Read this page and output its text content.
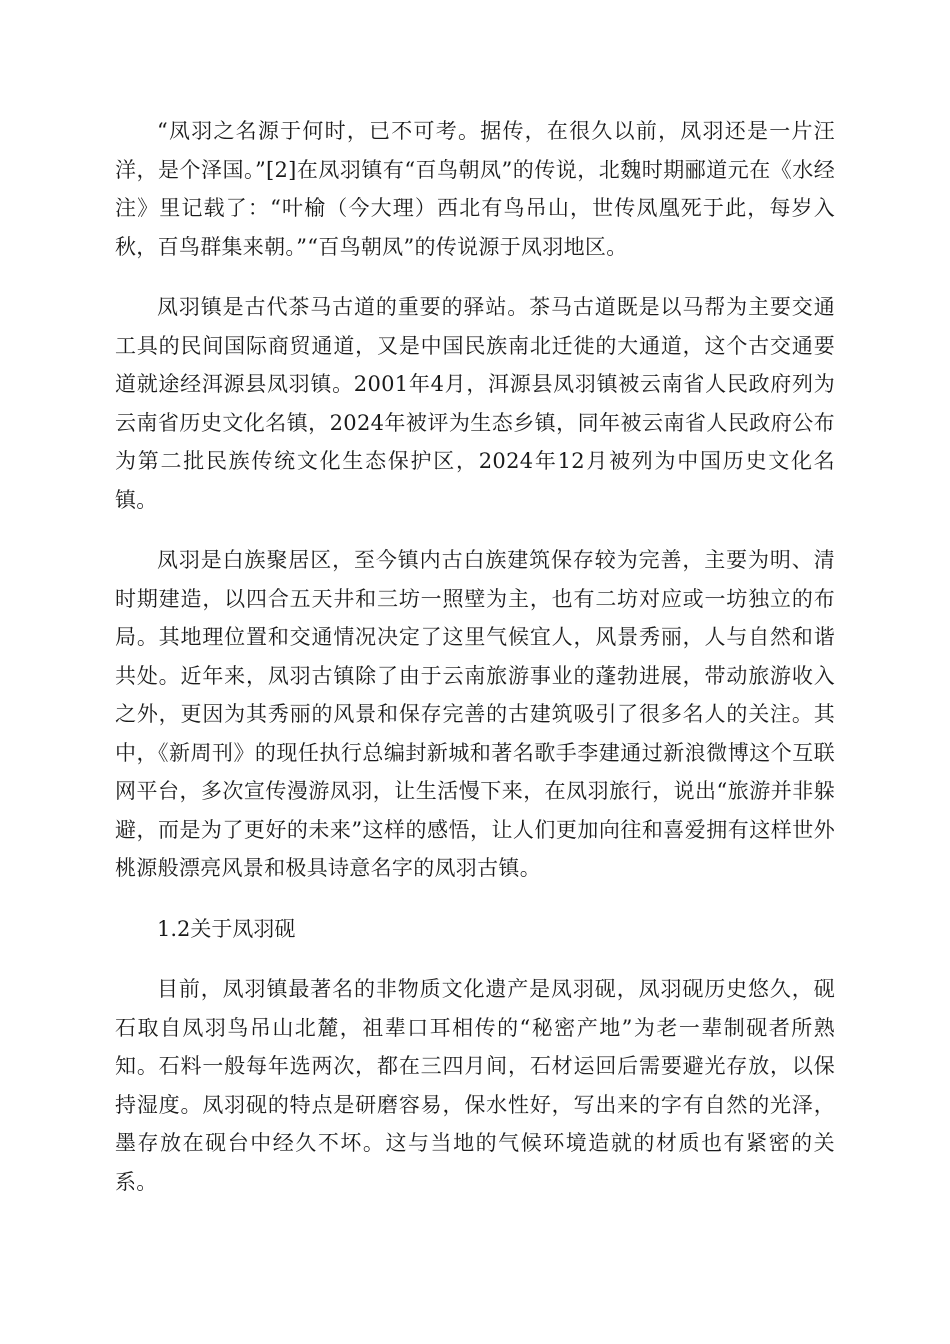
“凤羽之名源于何时，已不可考。据传，在很久以前，凤羽还是一片汪洋，是个泽国。”[2]在凤羽镇有“百鸟朝凤”的传说，北魏时期郦道元在《水经注》里记载了：“叶榆（今大理）西北有鸟吊山，世传凤凰死于此，每岁入秋，百鸟群集来朝。”“百鸟朝凤”的传说源于凤羽地区。

凤羽镇是古代茶马古道的重要的驿站。茶马古道既是以马帮为主要交通工具的民间国际商贸通道，又是中国民族南北迁徙的大通道，这个古交通要道就途经洱源县凤羽镇。2001年4月，洱源县凤羽镇被云南省人民政府列为云南省历史文化名镇，2024年被评为生态乡镇，同年被云南省人民政府公布为第二批民族传统文化生态保护区，2024年12月被列为中国历史文化名镇。

凤羽是白族聚居区，至今镇内古白族建筑保存较为完善，主要为明、清时期建造，以四合五天井和三坊一照壁为主，也有二坊对应或一坊独立的布局。其地理位置和交通情况决定了这里气候宜人，风景秀丽，人与自然和谐共处。近年来，凤羽古镇除了由于云南旅游事业的蓬勃进展，带动旅游收入之外，更因为其秀丽的风景和保存完善的古建筑吸引了很多名人的关注。其中，《新周刊》的现任执行总编封新城和著名歌手李建通过新浪微博这个互联网平台，多次宣传漫游凤羽，让生活慢下来，在凤羽旅行，说出“旅游并非躲避，而是为了更好的未来”这样的感悟，让人们更加向往和喜爱拥有这样世外桃源般漂亮风景和极具诗意名字的凤羽古镇。

1.2关于凤羽砚

目前，凤羽镇最著名的非物质文化遗产是凤羽砚，凤羽砚历史悠久，砚石取自凤羽鸟吊山北麓，祖辈口耳相传的“秘密产地”为老一辈制砚者所熟知。石料一般每年选两次，都在三四月间，石材运回后需要避光存放，以保持湿度。凤羽砚的特点是研磨容易，保水性好，写出来的字有自然的光泽，墨存放在砚台中经久不坏。这与当地的气候环境造就的材质也有紧密的关系。
